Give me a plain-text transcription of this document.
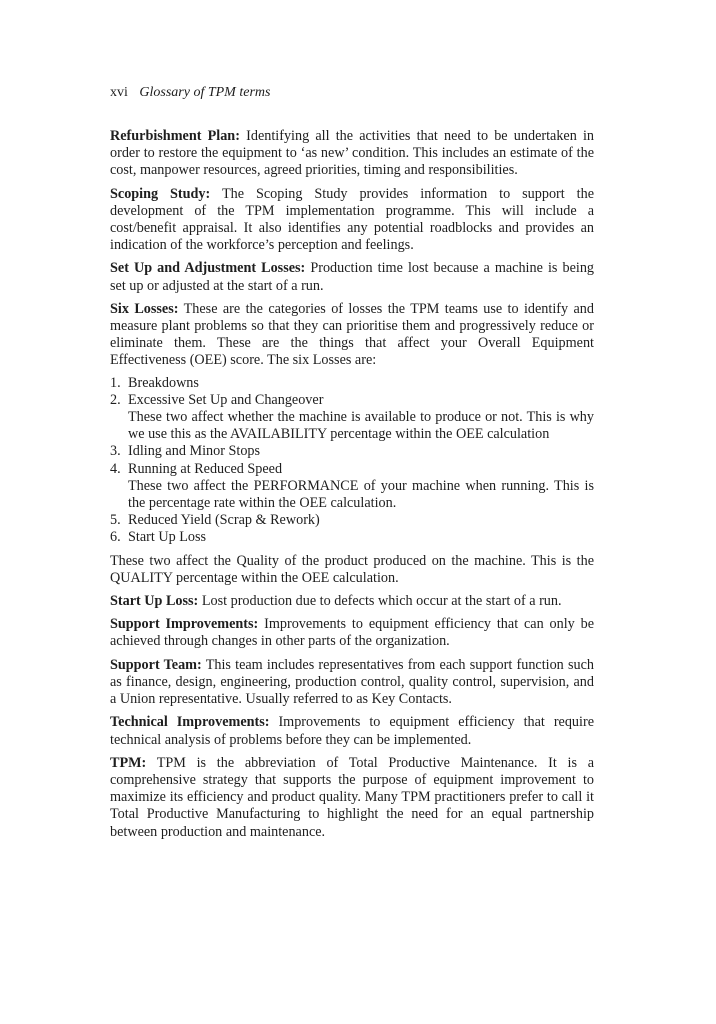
xvi Glossary of TPM terms

Refurbishment Plan: Identifying all the activities that need to be undertaken in order to restore the equipment to ‘as new’ condition. This includes an estimate of the cost, manpower resources, agreed priorities, timing and responsibilities.

Scoping Study: The Scoping Study provides information to support the development of the TPM implementation programme. This will include a cost/benefit appraisal. It also identifies any potential roadblocks and provides an indication of the workforce’s perception and feelings.

Set Up and Adjustment Losses: Production time lost because a machine is being set up or adjusted at the start of a run.

Six Losses: These are the categories of losses the TPM teams use to identify and measure plant problems so that they can prioritise them and progressively reduce or eliminate them. These are the things that affect your Overall Equipment Effectiveness (OEE) score. The six Losses are:

1. Breakdowns
2. Excessive Set Up and Changeover
These two affect whether the machine is available to produce or not. This is why we use this as the AVAILABILITY percentage within the OEE calculation
3. Idling and Minor Stops
4. Running at Reduced Speed
These two affect the PERFORMANCE of your machine when running. This is the percentage rate within the OEE calculation.
5. Reduced Yield (Scrap & Rework)
6. Start Up Loss

These two affect the Quality of the product produced on the machine. This is the QUALITY percentage within the OEE calculation.

Start Up Loss: Lost production due to defects which occur at the start of a run.

Support Improvements: Improvements to equipment efficiency that can only be achieved through changes in other parts of the organization.

Support Team: This team includes representatives from each support function such as finance, design, engineering, production control, quality control, supervision, and a Union representative. Usually referred to as Key Contacts.

Technical Improvements: Improvements to equipment efficiency that require technical analysis of problems before they can be implemented.

TPM: TPM is the abbreviation of Total Productive Maintenance. It is a comprehensive strategy that supports the purpose of equipment improvement to maximize its efficiency and product quality. Many TPM practitioners prefer to call it Total Productive Manufacturing to highlight the need for an equal partnership between production and maintenance.
